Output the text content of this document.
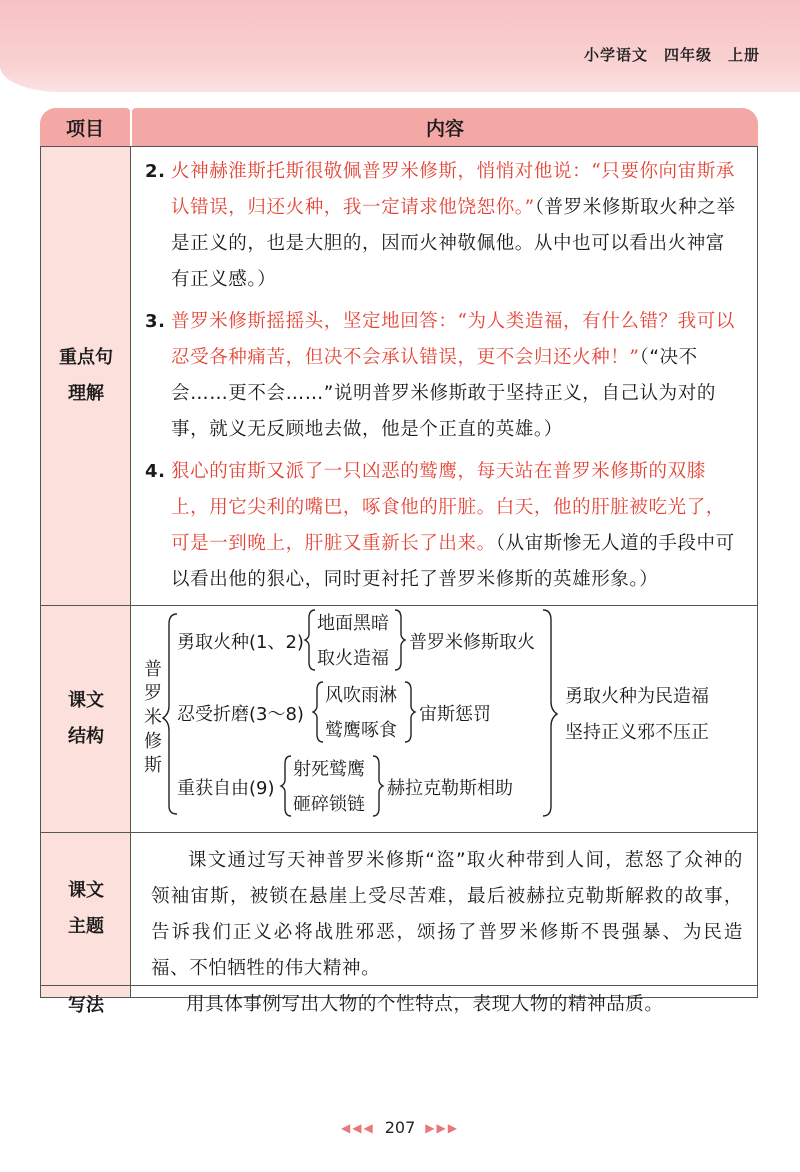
小学语文　四年级　上册
项目	内容
重点句
理解
2. 火神赫淮斯托斯很敬佩普罗米修斯，悄悄对他说：“只要你向宙斯承认错误，归还火种，我一定请求他饶恕你。”（普罗米修斯取火种之举是正义的，也是大胆的，因而火神敬佩他。从中也可以看出火神富有正义感。）
3. 普罗米修斯摇摇头，坚定地回答：“为人类造福，有什么错？我可以忍受各种痛苦，但决不会承认错误，更不会归还火种！”（“决不会……更不会……”说明普罗米修斯敢于坚持正义，自己认为对的事，就义无反顾地去做，他是个正直的英雄。）
4. 狠心的宙斯又派了一只凶恶的鹫鹰，每天站在普罗米修斯的双膝上，用它尖利的嘴巴，啄食他的肝脏。白天，他的肝脏被吃光了，可是一到晚上，肝脏又重新长了出来。（从宙斯惨无人道的手段中可以看出他的狠心，同时更衬托了普罗米修斯的英雄形象。）
课文
结构
普罗米修斯
勇取火种(1、2)
地面黑暗
取火造福
普罗米修斯取火
忍受折磨(3～8)
风吹雨淋
鹫鹰啄食
宙斯惩罚
重获自由(9)
射死鹫鹰
砸碎锁链
赫拉克勒斯相助
勇取火种为民造福
坚持正义邪不压正
课文
主题
课文通过写天神普罗米修斯“盗”取火种带到人间，惹怒了众神的领袖宙斯，被锁在悬崖上受尽苦难，最后被赫拉克勒斯解救的故事，告诉我们正义必将战胜邪恶，颂扬了普罗米修斯不畏强暴、为民造福、不怕牺牲的伟大精神。
写法	用具体事例写出人物的个性特点，表现人物的精神品质。
◀◀◀ 207 ▶▶▶
